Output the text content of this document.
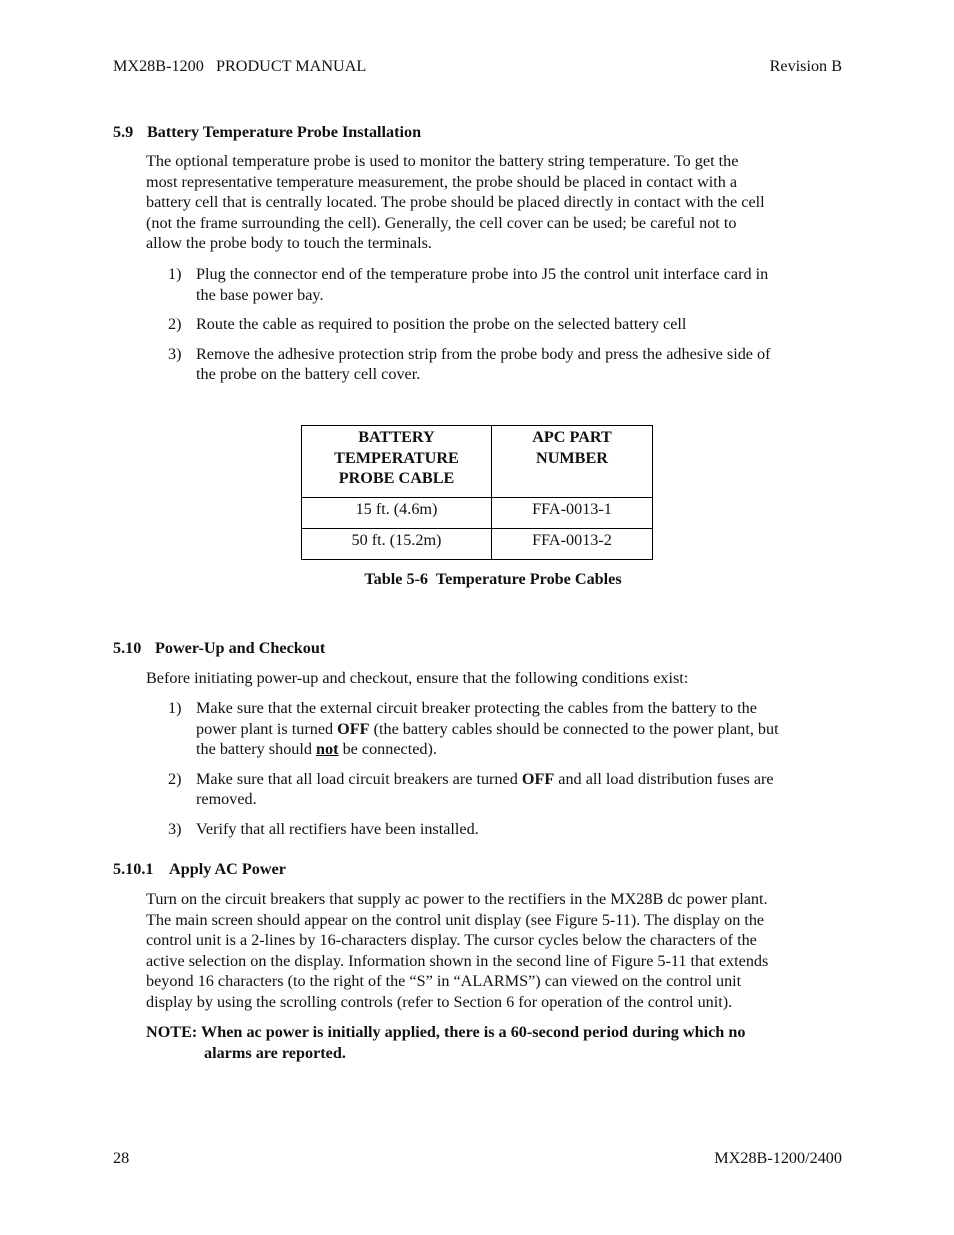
MX28B-1200   PRODUCT MANUAL	Revision B
5.9 Battery Temperature Probe Installation
The optional temperature probe is used to monitor the battery string temperature. To get the
most representative temperature measurement, the probe should be placed in contact with a
battery cell that is centrally located. The probe should be placed directly in contact with the cell
(not the frame surrounding the cell). Generally, the cell cover can be used; be careful not to
allow the probe body to touch the terminals.
1) Plug the connector end of the temperature probe into J5 the control unit interface card in
the base power bay.
2) Route the cable as required to position the probe on the selected battery cell
3) Remove the adhesive protection strip from the probe body and press the adhesive side of
the probe on the battery cell cover.
BATTERY TEMPERATURE PROBE CABLE	APC PART NUMBER

15 ft. (4.6m)	FFA-0013-1
50 ft. (15.2m)	FFA-0013-2
Table 5-6  Temperature Probe Cables
5.10 Power-Up and Checkout
Before initiating power-up and checkout, ensure that the following conditions exist:
1) Make sure that the external circuit breaker protecting the cables from the battery to the
power plant is turned OFF (the battery cables should be connected to the power plant, but
the battery should not be connected).
2) Make sure that all load circuit breakers are turned OFF and all load distribution fuses are
removed.
3) Verify that all rectifiers have been installed.
5.10.1 Apply AC Power
Turn on the circuit breakers that supply ac power to the rectifiers in the MX28B dc power plant.
The main screen should appear on the control unit display (see Figure 5-11). The display on the
control unit is a 2-lines by 16-characters display. The cursor cycles below the characters of the
active selection on the display. Information shown in the second line of Figure 5-11 that extends
beyond 16 characters (to the right of the “S” in “ALARMS”) can viewed on the control unit
display by using the scrolling controls (refer to Section 6 for operation of the control unit).
NOTE: When ac power is initially applied, there is a 60-second period during which no
alarms are reported.
28	MX28B-1200/2400
